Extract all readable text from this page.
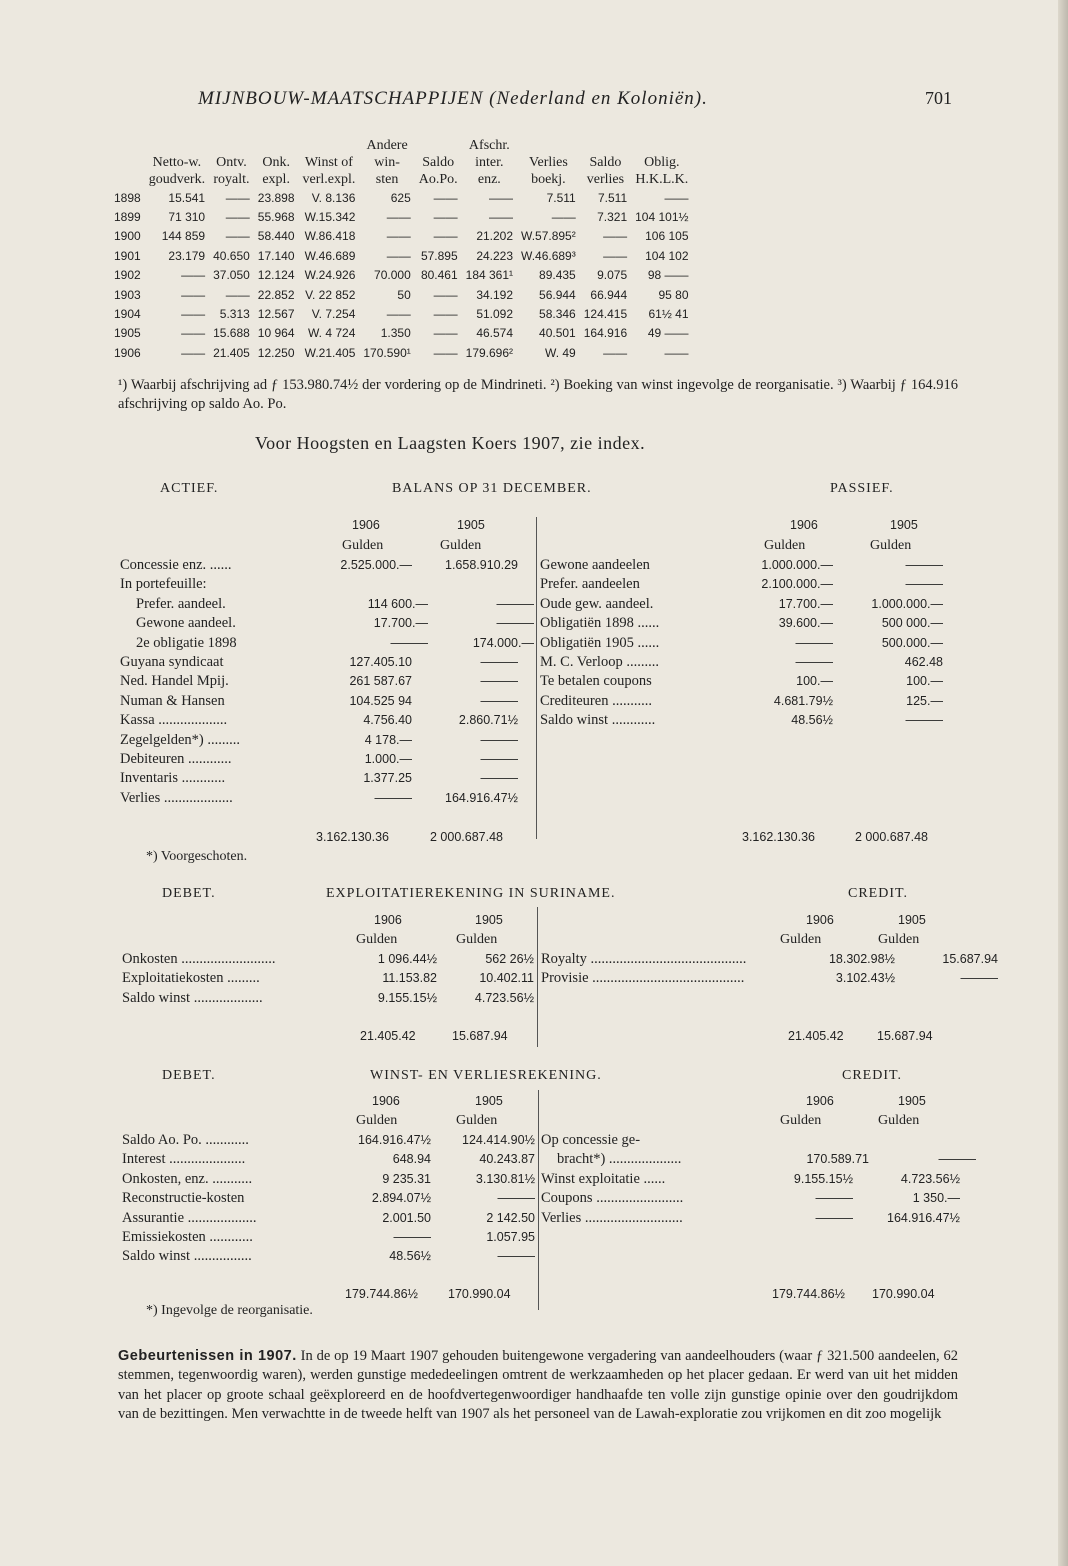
MIJNBOUW-MAATSCHAPPIJEN (Nederland en Koloniën).	701
					Andere		Afschr.			
	Netto-w.	Ontv.	Onk.	Winst of	win-	Saldo	inter.	Verlies	Saldo	Oblig.
	goudverk.	royalt.	expl.	verl.expl.	sten	Ao.Po.	enz.	boekj.	verlies	H.K.L.K.
1898	15.541	——	23.898	V. 8.136	625	——	——	7.511	7.511	——
1899	71 310	——	55.968	W.15.342	——	——	——	——	7.321	104 101½
1900	144 859	——	58.440	W.86.418	——	——	21.202	W.57.895²	——	106 105
1901	23.179	40.650	17.140	W.46.689	——	57.895	24.223	W.46.689³	——	104 102
1902	——	37.050	12.124	W.24.926	70.000	80.461	184 361¹	89.435	9.075	98 ——
1903	——	——	22.852	V. 22 852	50	——	34.192	56.944	66.944	95 80
1904	——	5.313	12.567	V. 7.254	——	——	51.092	58.346	124.415	61½ 41
1905	——	15.688	10 964	W. 4 724	1.350	——	46.574	40.501	164.916	49 ——
1906	——	21.405	12.250	W.21.405	170.590¹	——	179.696²	W. 49	——	——
¹) Waarbij afschrijving ad ƒ 153.980.74½ der vordering op de Mindrineti. ²) Boeking van winst ingevolge de reorganisatie. ³) Waarbij ƒ 164.916 afschrijving op saldo Ao. Po.
Voor Hoogsten en Laagsten Koers 1907, zie index.
ACTIEF.	BALANS OP 31 DECEMBER.	PASSIEF.
1906	1905
Gulden	Gulden
1906	1905
Gulden	Gulden
Concessie enz. ......	2.525.000.—	1.658.910.29
In portefeuille:
Prefer. aandeel.	114 600.—	———
Gewone aandeel.	17.700.—	———
2e obligatie 1898	———	174.000.—
Guyana syndicaat	127.405.10	———
Ned. Handel Mpij.	261 587.67	———
Numan & Hansen	104.525 94	———
Kassa ...................	4.756.40	2.860.71½
Zegelgelden*) .........	4 178.—	———
Debiteuren ............	1.000.—	———
Inventaris ............	1.377.25	———
Verlies ...................	———	164.916.47½
Gewone aandeelen	1.000.000.—	———
Prefer. aandeelen	2.100.000.—	———
Oude gew. aandeel.	17.700.—	1.000.000.—
Obligatiën 1898 ......	39.600.—	500 000.—
Obligatiën 1905 ......	———	500.000.—
M. C. Verloop .........	———	462.48
Te betalen coupons	100.—	100.—
Crediteuren ...........	4.681.79½	125.—
Saldo winst ............	48.56½	———
3.162.130.36	2 000.687.48	3.162.130.36	2 000.687.48
*) Voorgeschoten.
DEBET.	EXPLOITATIEREKENING IN SURINAME.	CREDIT.
1906	1905
Gulden	Gulden
1906	1905
Gulden	Gulden
Onkosten ..........................	1 096.44½	562 26½
Exploitatiekosten .........	11.153.82	10.402.11
Saldo winst ...................	9.155.15½	4.723.56½
Royalty ...........................................	18.302.98½	15.687.94
Provisie ..........................................	3.102.43½	———
21.405.42	15.687.94	21.405.42	15.687.94
DEBET.	WINST- EN VERLIESREKENING.	CREDIT.
1906	1905
Gulden	Gulden
1906	1905
Gulden	Gulden
Saldo Ao. Po. ............	164.916.47½	124.414.90½
Interest .....................	648.94	40.243.87
Onkosten, enz. ...........	9 235.31	3.130.81½
Reconstructie-kosten	2.894.07½	———
Assurantie ...................	2.001.50	2 142.50
Emissiekosten ............	———	1.057.95
Saldo winst ................	48.56½	———
Op concessie ge-
bracht*) ....................	170.589.71	———
Winst exploitatie ......	9.155.15½	4.723.56½
Coupons ........................	———	1 350.—
Verlies ...........................	———	164.916.47½
179.744.86½ 170.990.04	179.744.86½ 170.990.04
*) Ingevolge de reorganisatie.
Gebeurtenissen in 1907. In de op 19 Maart 1907 gehouden buitengewone vergadering van aandeelhouders (waar ƒ 321.500 aandeelen, 62 stemmen, tegenwoordig waren), werden gunstige mededeelingen omtrent de werkzaamheden op het placer gedaan. Er werd van uit het midden van het placer op groote schaal geëxploreerd en de hoofdvertegenwoordiger handhaafde ten volle zijn gunstige opinie over den goudrijkdom van de bezittingen. Men verwachtte in de tweede helft van 1907 als het personeel van de Lawah-exploratie zou vrijkomen en dit zoo mogelijk
